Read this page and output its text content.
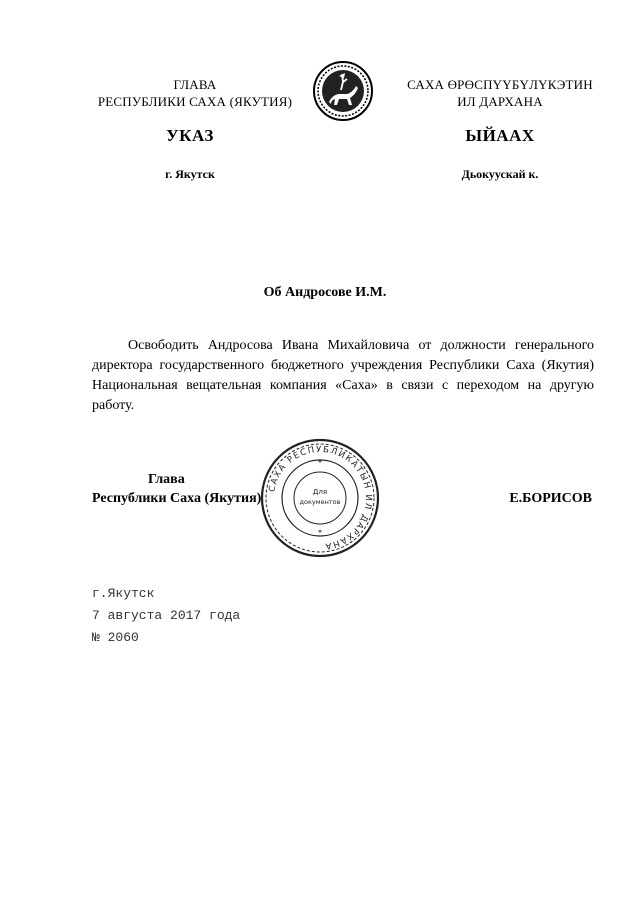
ГЛАВА
РЕСПУБЛИКИ САХА (ЯКУТИЯ)
САХА ӨРӨСПҮҮБҮЛҮКЭТИН
ИЛ ДАРХАНА
УКАЗ	ЫЙААХ
г. Якутск	Дьокуускай к.
Об Андросове И.М.

Освободить Андросова Ивана Михайловича от должности генерального директора государственного бюджетного учреждения Республики Саха (Якутия) Национальная вещательная компания «Саха» в связи с переходом на другую работу.

САХА РЕСПУБЛИКАТЫН ИЛ ДАРХАНА
Для
документов
*
*
Глава
Республики Саха (Якутия)	Е.БОРИСОВ
г.Якутск
7 августа 2017 года
№ 2060
